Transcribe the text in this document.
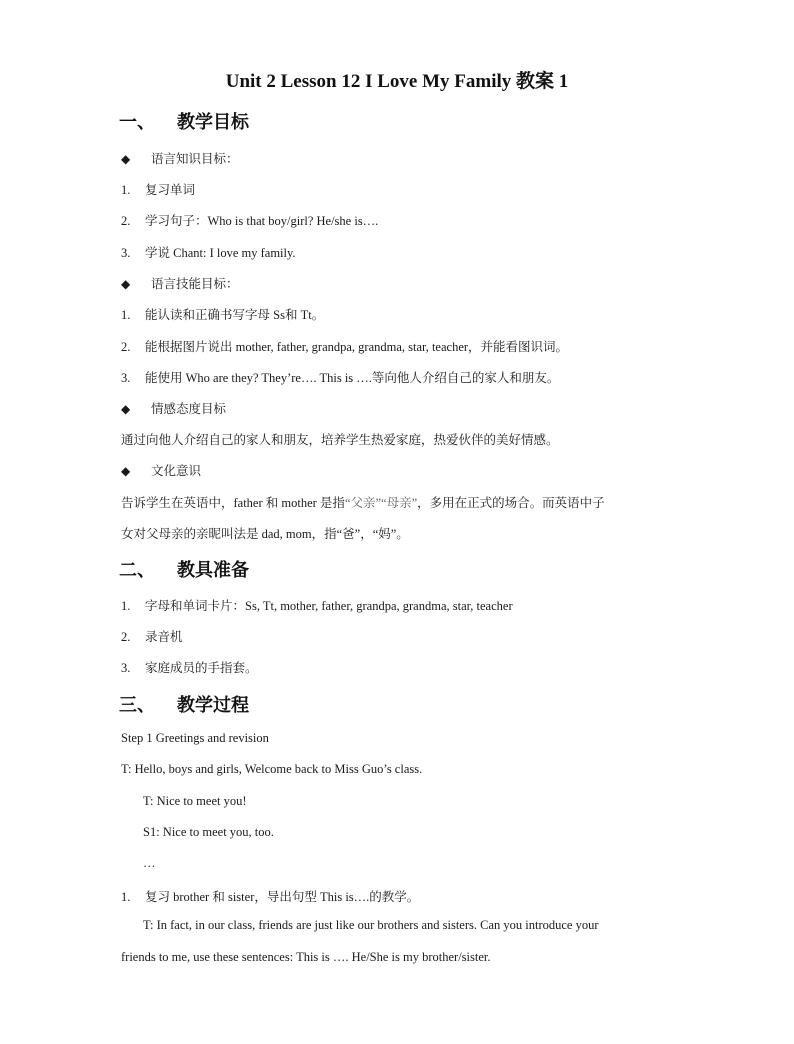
Unit 2 Lesson 12 I Love My Family 教案 1
一、 教学目标
◆ 语言知识目标：
1. 复习单词
2. 学习句子：Who is that boy/girl? He/she is….
3. 学说 Chant: I love my family.
◆ 语言技能目标：
1. 能认读和正确书写字母 Ss和 Tt。
2. 能根据图片说出 mother, father, grandpa, grandma, star, teacher，并能看图识词。
3. 能使用 Who are they? They’re…. This is ….等向他人介绍自己的家人和朋友。
◆ 情感态度目标
通过向他人介绍自己的家人和朋友，培养学生热爱家庭，热爱伙伴的美好情感。
◆ 文化意识
告诉学生在英语中，father 和 mother 是指“父亲”“母亲”，多用在正式的场合。而英语中子
女对父母亲的亲昵叫法是 dad, mom，指“爸”，“妈”。
二、 教具准备
1. 字母和单词卡片：Ss, Tt, mother, father, grandpa, grandma, star, teacher
2. 录音机
3. 家庭成员的手指套。
三、 教学过程
Step 1 Greetings and revision
T: Hello, boys and girls, Welcome back to Miss Guo’s class.
T: Nice to meet you!
S1: Nice to meet you, too.
…
1. 复习 brother 和 sister，导出句型 This is….的教学。
T: In fact, in our class, friends are just like our brothers and sisters. Can you introduce your
friends to me, use these sentences: This is …. He/She is my brother/sister.
